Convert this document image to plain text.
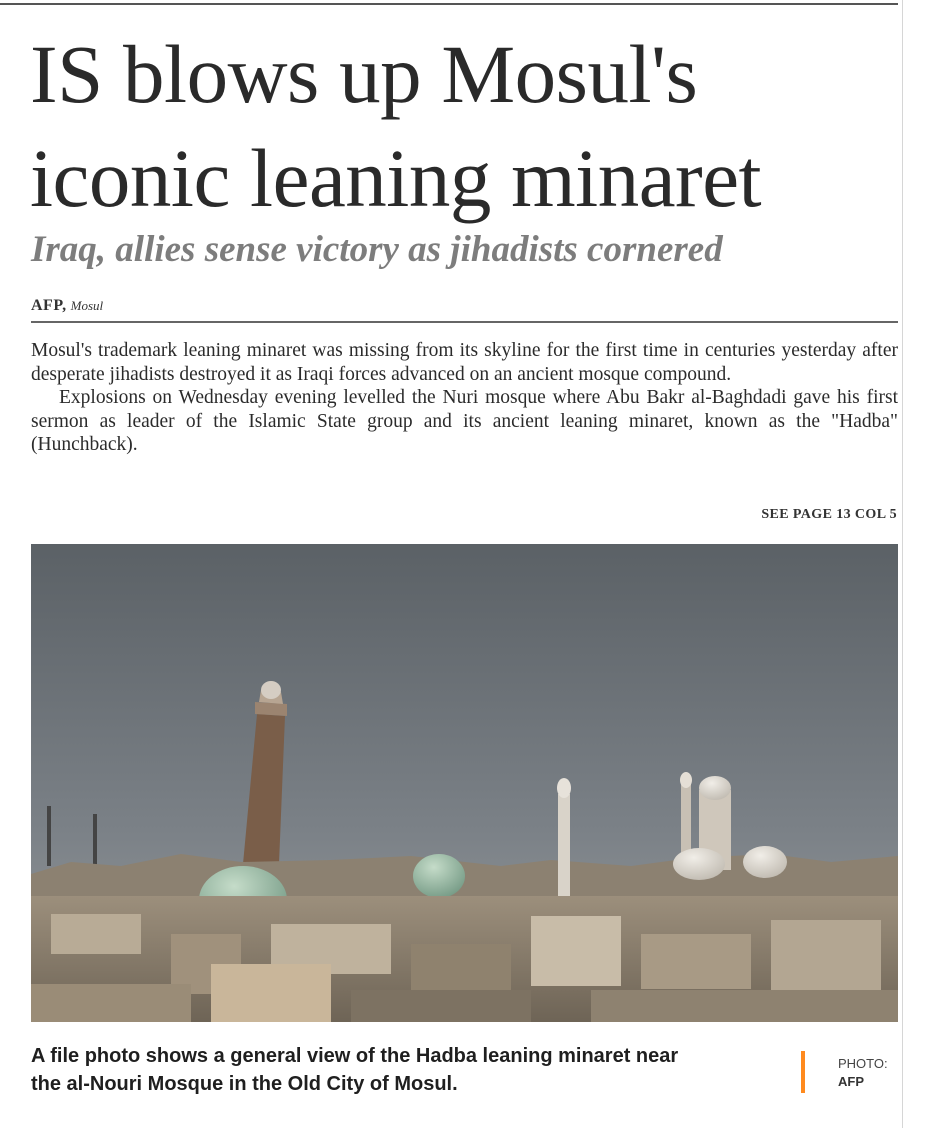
IS blows up Mosul's
iconic leaning minaret
Iraq, allies sense victory as jihadists cornered
AFP, Mosul

Mosul's trademark leaning minaret was missing from its skyline for the first time in centuries yesterday after desperate jihadists destroyed it as Iraqi forces advanced on an ancient mosque compound.

Explosions on Wednesday evening levelled the Nuri mosque where Abu Bakr al-Baghdadi gave his first sermon as leader of the Islamic State group and its ancient leaning minaret, known as the "Hadba" (Hunchback).

SEE PAGE 13 COL 5
A file photo shows a general view of the Hadba leaning minaret near
the al-Nouri Mosque in the Old City of Mosul.
PHOTO:
AFP
